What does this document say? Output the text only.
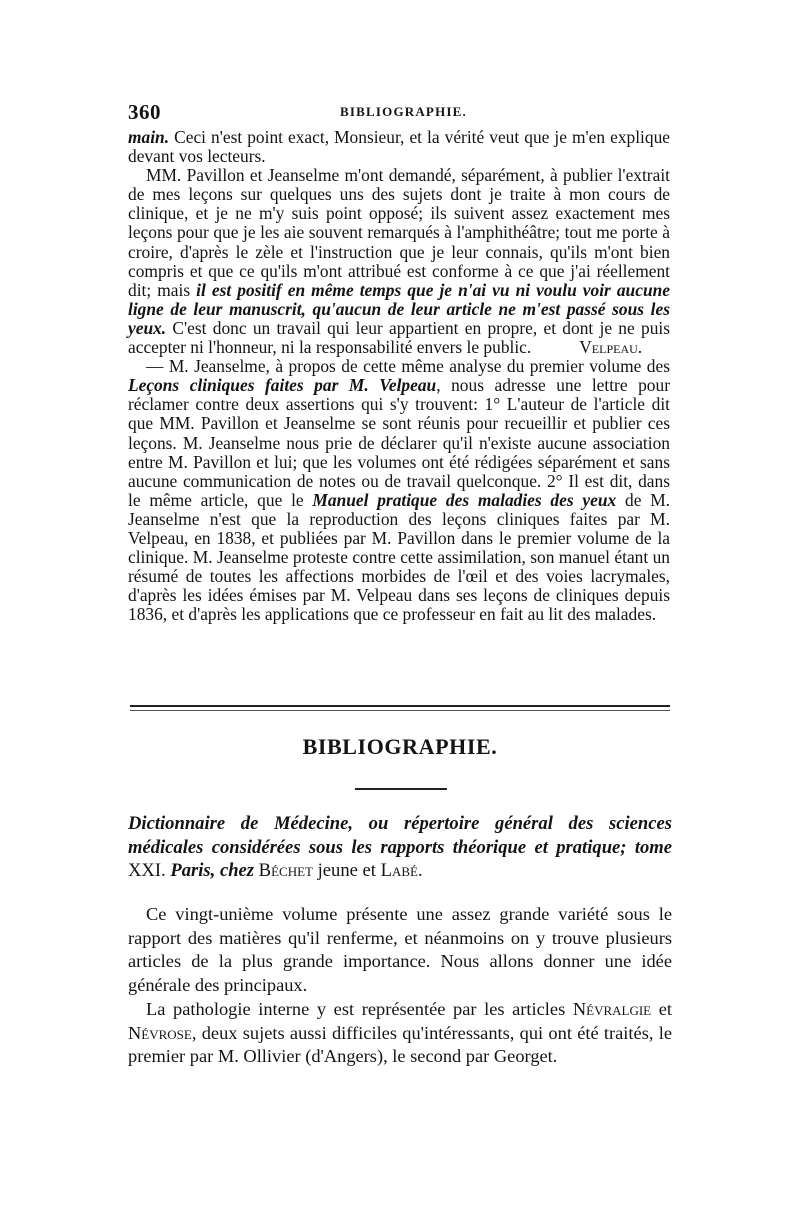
360	BIBLIOGRAPHIE.

main. Ceci n'est point exact, Monsieur, et la vérité veut que je m'en explique devant vos lecteurs.

MM. Pavillon et Jeanselme m'ont demandé, séparément, à publier l'extrait de mes leçons sur quelques uns des sujets dont je traite à mon cours de clinique, et je ne m'y suis point opposé; ils suivent assez exactement mes leçons pour que je les aie souvent remarqués à l'amphithéâtre; tout me porte à croire, d'après le zèle et l'instruction que je leur connais, qu'ils m'ont bien compris et que ce qu'ils m'ont attribué est conforme à ce que j'ai réellement dit; mais il est positif en même temps que je n'ai vu ni voulu voir aucune ligne de leur manuscrit, qu'aucun de leur article ne m'est passé sous les yeux. C'est donc un travail qui leur appartient en propre, et dont je ne puis accepter ni l'honneur, ni la responsabilité envers le public.	Velpeau.

— M. Jeanselme, à propos de cette même analyse du premier volume des Leçons cliniques faites par M. Velpeau, nous adresse une lettre pour réclamer contre deux assertions qui s'y trouvent: 1° L'auteur de l'article dit que MM. Pavillon et Jeanselme se sont réunis pour recueillir et publier ces leçons. M. Jeanselme nous prie de déclarer qu'il n'existe aucune association entre M. Pavillon et lui; que les volumes ont été rédigées séparément et sans aucune communication de notes ou de travail quelconque. 2° Il est dit, dans le même article, que le Manuel pratique des maladies des yeux de M. Jeanselme n'est que la reproduction des leçons cliniques faites par M. Velpeau, en 1838, et publiées par M. Pavillon dans le premier volume de la clinique. M. Jeanselme proteste contre cette assimilation, son manuel étant un résumé de toutes les affections morbides de l'œil et des voies lacrymales, d'après les idées émises par M. Velpeau dans ses leçons de cliniques depuis 1836, et d'après les applications que ce professeur en fait au lit des malades.

BIBLIOGRAPHIE.

Dictionnaire de Médecine, ou répertoire général des sciences médicales considérées sous les rapports théorique et pratique; tome XXI. Paris, chez Béchet jeune et Labé.

Ce vingt-unième volume présente une assez grande variété sous le rapport des matières qu'il renferme, et néanmoins on y trouve plusieurs articles de la plus grande importance. Nous allons donner une idée générale des principaux.

La pathologie interne y est représentée par les articles Névralgie et Névrose, deux sujets aussi difficiles qu'intéressants, qui ont été traités, le premier par M. Ollivier (d'Angers), le second par Georget.
